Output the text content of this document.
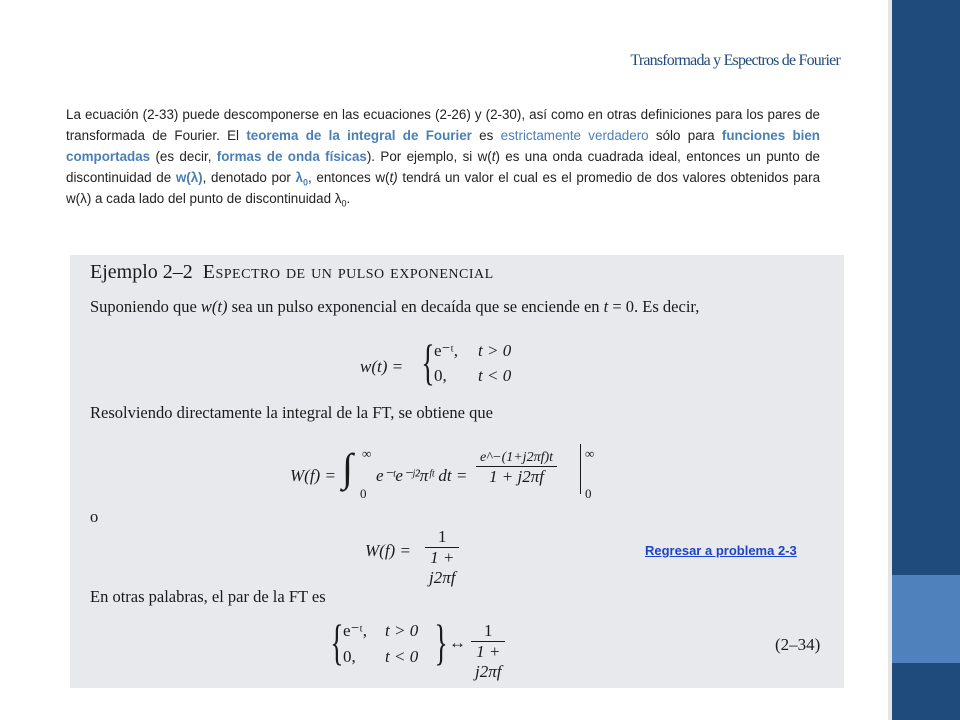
Transformada y Espectros de Fourier
La ecuación (2-33) puede descomponerse en las ecuaciones (2-26) y (2-30), así como en otras definiciones para los pares de transformada de Fourier. El teorema de la integral de Fourier es estrictamente verdadero sólo para funciones bien comportadas (es decir, formas de onda físicas). Por ejemplo, si w(t) es una onda cuadrada ideal, entonces un punto de discontinuidad de w(λ), denotado por $\lambda_0$, entonces w(t) tendrá un valor el cual es el promedio de dos valores obtenidos para w(λ) a cada lado del punto de discontinuidad $\lambda_0$.
Ejemplo 2–2 Espectro de un pulso exponencial
Suponiendo que w(t) sea un pulso exponencial en decaída que se enciende en t = 0. Es decir,
w(t) = { e⁻ᵗ, t > 0
0, t < 0
Resolviendo directamente la integral de la FT, se obtiene que
W(f) = ∫ ∞
0
e⁻ᵗe⁻ʲ²πᶠᵗ dt =
e^−(1+j2πf)t
1 + j2πf
∞
0
o
$W(f) = \frac{1}{1 + j2\pi f}$	Regresar a problema 2-3
En otras palabras, el par de la FT es
{ e⁻ᵗ, t > 0
0, t < 0 { ↔ $\frac{1}{1 + j2\pi f}$	(2–34)
